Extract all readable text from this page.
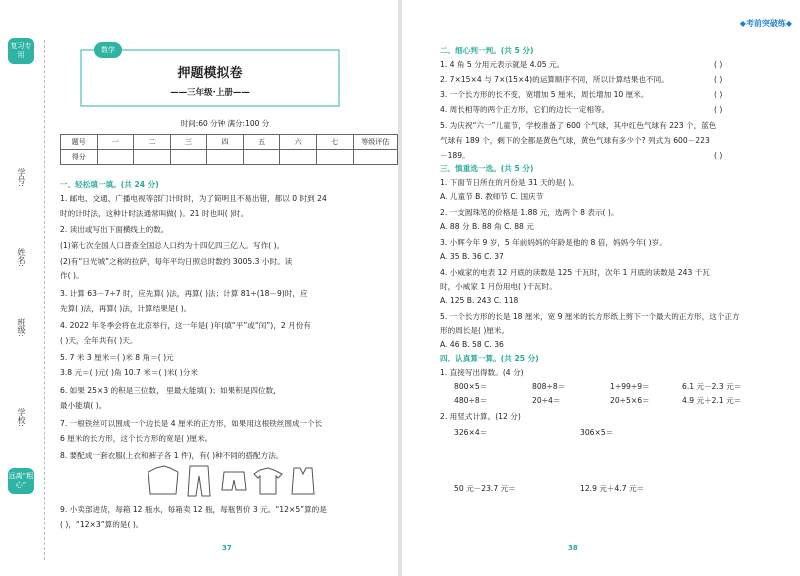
复习专用
远离“粗心”
学号:
姓名:
班级:
学校:
数学
押题模拟卷
——三年级·上册——
时间:60 分钟 满分:100 分
题号	一	二	三	四	五	六	七	等级评估
得分								
一、轻松填一填。(共 24 分)
1. 邮电、交通、广播电视等部门计时时，为了简明且不易出错，都以 0 时到 24
时的计时法，这种计时法通常叫做( )。21 时也叫( )时。
2. 读出或写出下面横线上的数。
(1)第七次全国人口普查全国总人口约为十四亿四三亿人。写作( )。
(2)有“日光城”之称的拉萨，每年平均日照总时数约 3005.3 小时。读
作( )。
3. 计算 63－7÷7 时，应先算( )法，再算( )法；计算 81÷(18－9)时，应
先算( )法，再算( )法，计算结果是( )。
4. 2022 年冬季会将在北京举行，这一年是( )年(填“平”或“闰”)，2 月份有
( )天，全年共有( )天。
5. 7 米 3 厘米＝( )米 8 角＝( )元
3.8 元＝( )元( )角 10.7 米＝( )米( )分米
6. 如果 25×3 的积是三位数， 里最大能填( )；如果积是四位数，
最小能填( )。
7. 一根铁丝可以围成一个边长是 4 厘米的正方形，如果用这根铁丝围成一个长
6 厘米的长方形，这个长方形的宽是( )厘米。
8. 要配成一套衣服(上衣和裤子各 1 件)，有( )种不同的搭配方法。
9. 小卖部进货，每箱 12 瓶水，每箱卖 12 瓶，每瓶售价 3 元。“12×5”算的是
( )，“12×3”算的是( )。
37
◆考前突破练◆
二、细心判一判。(共 5 分)
1. 4 角 5 分用元表示就是 4.05 元。
2. 7×15×4 与 7×(15×4)的运算顺序不同，所以计算结果也不同。
3. 一个长方形的长不变，宽增加 5 厘米，周长增加 10 厘米。
4. 周长相等的两个正方形，它们的边长一定相等。
5. 为庆祝“六一”儿童节，学校准备了 600 个气球，其中红色气球有 223 个，蓝色
气球有 189 个，剩下的全都是黄色气球，黄色气球有多少个? 列式为 600－223
－189。
( )
( )
( )
( )
( )
三、慎重选一选。(共 5 分)
1. 下面节日所在的月份是 31 天的是( )。
A. 儿童节 B. 教师节 C. 国庆节
2. 一支圆珠笔的价格是 1.88 元，选两个 8 表示( )。
A. 88 分 B. 88 角 C. 88 元
3. 小辉今年 9 岁，5 年前妈妈的年龄是他的 8 倍，妈妈今年( )岁。
A. 35 B. 36 C. 37
4. 小威家的电表 12 月底的读数是 125 千瓦时，次年 1 月底的读数是 243 千瓦
时，小威家 1 月份用电( )千瓦时。
A. 125 B. 243 C. 118
5. 一个长方形的长是 18 厘米，宽 9 厘米的长方形纸上剪下一个最大的正方形，这个正方
形的周长是( )厘米。
A. 46 B. 58 C. 36
四、认真算一算。(共 25 分)
1. 直接写出得数。(4 分)
800×5＝	808÷8＝	1÷99÷9＝	6.1 元－2.3 元＝
480÷8＝	20÷4＝	20÷5×6＝	4.9 元＋2.1 元＝
2. 用竖式计算。(12 分)
326×4＝	306×5＝
50 元－23.7 元＝	12.9 元＋4.7 元＝
38
